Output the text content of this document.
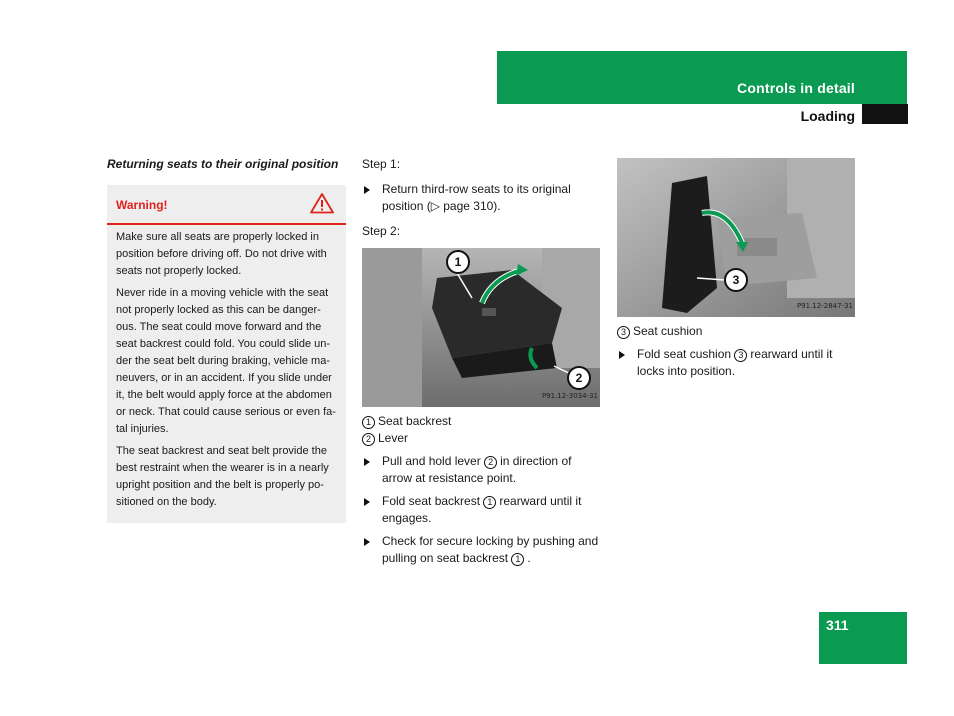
Controls in detail
Loading
Returning seats to their original position
Warning!

Make sure all seats are properly locked in position before driving off. Do not drive with seats not properly locked.

Never ride in a moving vehicle with the seat not properly locked as this can be danger-ous. The seat could move forward and the seat backrest could fold. You could slide un-der the seat belt during braking, vehicle ma-neuvers, or in an accident. If you slide under it, the belt would apply force at the abdomen or neck. That could cause serious or even fa-tal injuries.

The seat backrest and seat belt provide the best restraint when the wearer is in a nearly upright position and the belt is properly po-sitioned on the body.

Step 1:
Return third-row seats to its original position (▷ page 310).
Step 2:
1
2
P91.12-3034-31
1 Seat backrest
2 Lever
Pull and hold lever 2 in direction of arrow at resistance point.
Fold seat backrest 1 rearward until it engages.
Check for secure locking by pushing and pulling on seat backrest 1 .
3
P91.12-2847-31
3 Seat cushion
Fold seat cushion 3 rearward until it locks into position.
311
